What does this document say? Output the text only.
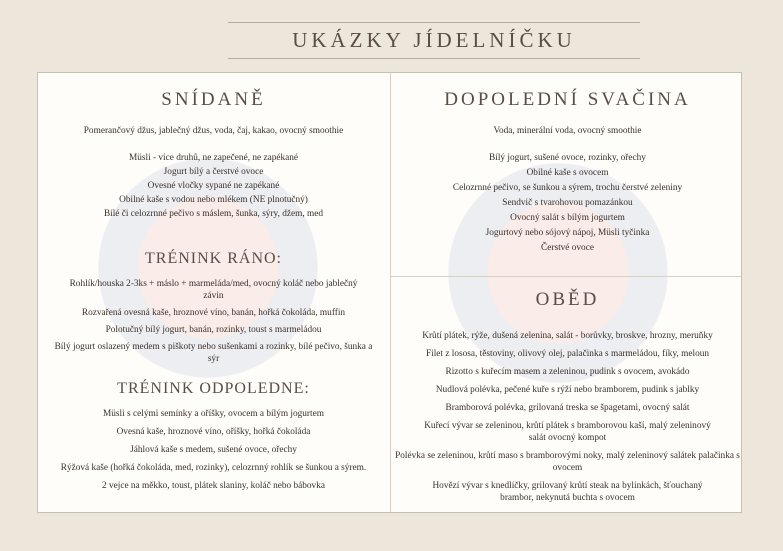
UKÁZKY JÍDELNÍČKU
SNÍDANĚ
Pomerančový džus, jablečný džus, voda, čaj, kakao, ovocný smoothie
Müsli - více druhů, ne zapečené, ne zapékané
Jogurt bílý a čerstvé ovoce
Ovesné vločky sypané ne zapékané
Obilné kaše s vodou nebo mlékem (NE plnotučný)
Bílé či celozrnné pečivo s máslem, šunka, sýry, džem, med
TRÉNINK RÁNO:
Rohlík/houska 2-3ks + máslo + marmeláda/med, ovocný koláč nebo jablečný závin
Rozvařená ovesná kaše, hroznové víno, banán, hořká čokoláda, muffin
Polotučný bílý jogurt, banán, rozinky, toust s marmeládou
Bílý jogurt oslazený medem s piškoty nebo sušenkami a rozinky, bílé pečivo, šunka a sýr
TRÉNINK ODPOLEDNE:
Müsli s celými semínky a oříšky, ovocem a bílým jogurtem
Ovesná kaše, hroznové víno, oříšky, hořká čokoláda
Jáhlová kaše s medem, sušené ovoce, ořechy
Rýžová kaše (hořká čokoláda, med, rozinky), celozrnný rohlík se šunkou a sýrem.
2 vejce na měkko, toust, plátek slaniny, koláč nebo bábovka
DOPOLEDNÍ SVAČINA
Voda, minerální voda, ovocný smoothie
Bílý jogurt, sušené ovoce, rozinky, ořechy
Obilné kaše s ovocem
Celozrnné pečivo, se šunkou a sýrem, trochu čerstvé zeleniny
Sendvič s tvarohovou pomazánkou
Ovocný salát s bílým jogurtem
Jogurtový nebo sójový nápoj, Müsli tyčinka
Čerstvé ovoce
OBĚD
Krůtí plátek, rýže, dušená zelenina, salát - borůvky, broskve, hrozny, meruňky
Filet z lososa, těstoviny, olivový olej, palačinka s marmeládou, fíky, meloun
Rizotto s kuřecím masem a zeleninou, pudink s ovocem, avokádo
Nudlová polévka, pečené kuře s rýží nebo bramborem, pudink s jablky
Bramborová polévka, grilovaná treska se špagetami, ovocný salát
Kuřecí vývar se zeleninou, krůtí plátek s bramborovou kaší, malý zeleninový salát ovocný kompot
Polévka se zeleninou, krůtí maso s bramborovými noky, malý zeleninový salátek palačinka s ovocem
Hovězí vývar s knedlíčky, grilovaný krůtí steak na bylinkách, šťouchaný brambor, nekynutá buchta s ovocem
